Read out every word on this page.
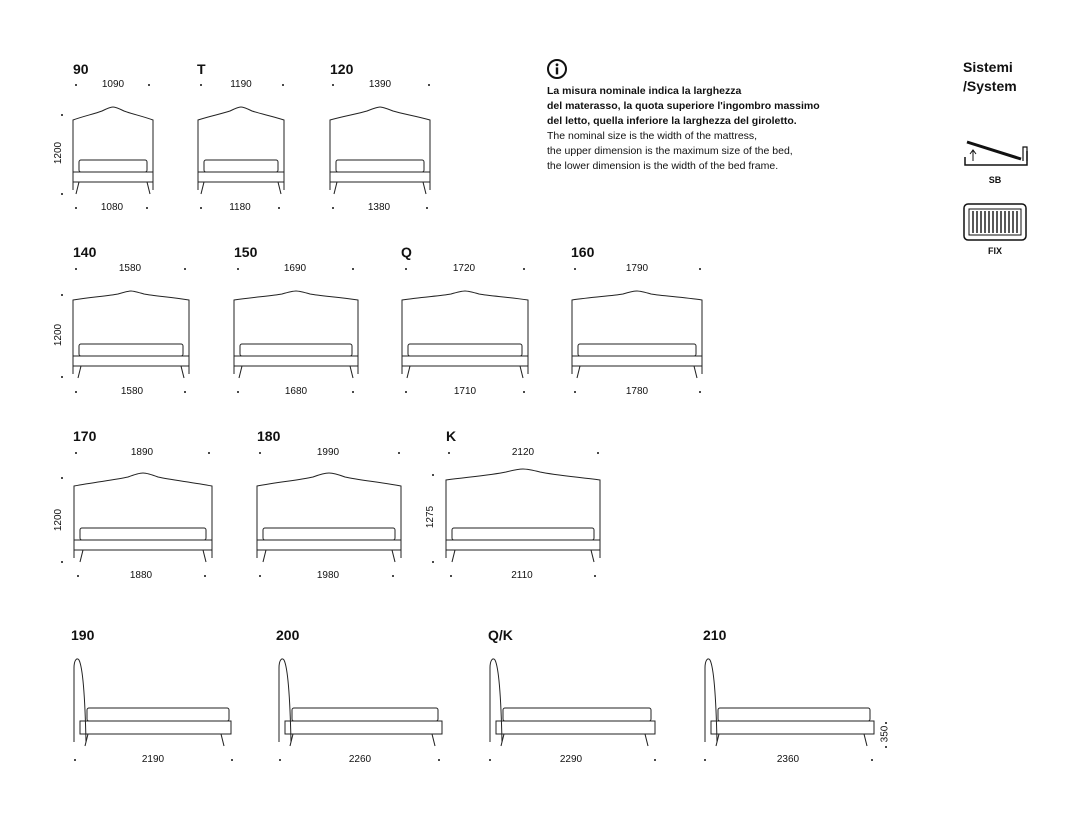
90
1090
1200
1080
T
1190
1180
120
1390
1380
La misura nominale indica la larghezza
del materasso, la quota superiore l'ingombro massimo
del letto, quella inferiore la larghezza del giroletto.
The nominal size is the width of the mattress,
the upper dimension is the maximum size of the bed,
the lower dimension is the width of the bed frame.
Sistemi
/System
SB
FIX
140
1580
1200
1580
150
1690
1680
Q
1720
1710
160
1790
1780
170
1890
1200
1880
180
1990
1980
K
2120
1275
2110
190
2190
200
2260
Q/K
2290
210
2360
350
